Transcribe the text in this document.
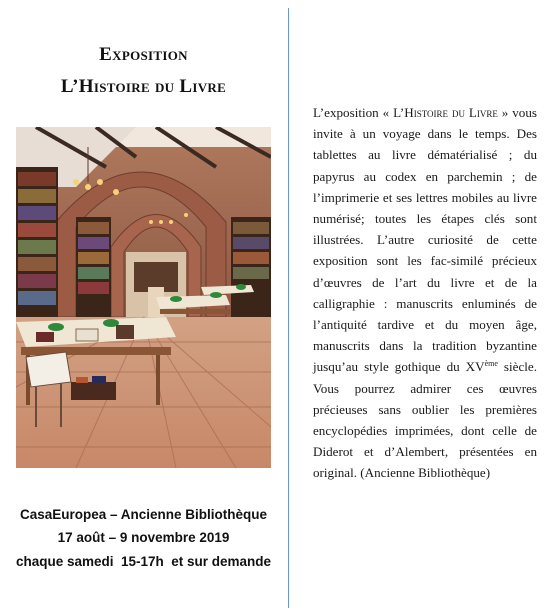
Exposition
L’Histoire du Livre
CasaEuropea – Ancienne Bibliothèque
17 août – 9 novembre 2019
chaque samedi  15-17h  et sur demande
L’exposition « L’Histoire du Livre » vous invite à un voyage dans le temps. Des tablettes au livre dématérialisé ; du papyrus au codex en parchemin ; de l’imprimerie et ses lettres mobiles au livre numérisé; toutes les étapes clés sont illustrées. L’autre curiosité de cette exposition sont les fac-similé précieux d’œuvres de l’art du livre et de la calligraphie : manuscrits enluminés de l’antiquité tardive et du moyen âge, manuscrits dans la tradition byzantine jusqu’au style gothique du XVème siècle. Vous pourrez admirer ces œuvres précieuses sans oublier les premières encyclopédies imprimées, dont celle de Diderot et d’Alembert, présentées en original. (Ancienne Bibliothèque)
